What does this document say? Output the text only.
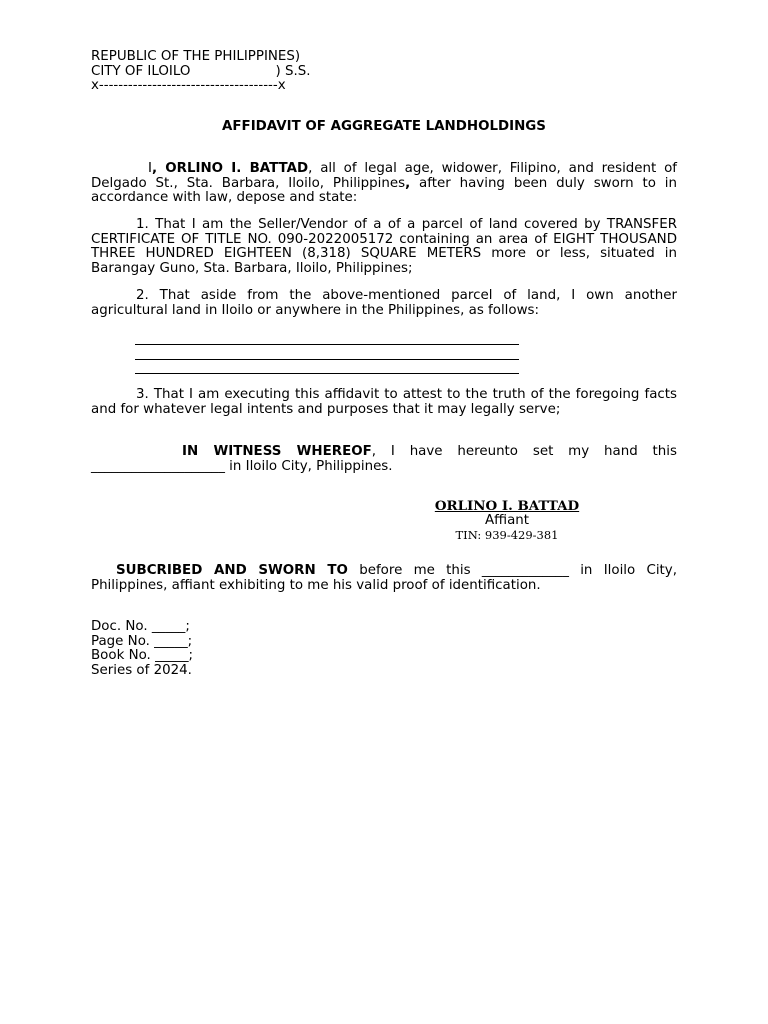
REPUBLIC OF THE PHILIPPINES)
CITY OF ILOILO                    ) S.S.
x-------------------------------------x
AFFIDAVIT OF AGGREGATE LANDHOLDINGS

I, ORLINO I. BATTAD, all of legal age, widower, Filipino, and resident of Delgado St., Sta. Barbara, Iloilo, Philippines, after having been duly sworn to in accordance with law, depose and state:

1. That I am the Seller/Vendor of a of a parcel of land covered by TRANSFER CERTIFICATE OF TITLE NO. 090-2022005172 containing an area of EIGHT THOUSAND THREE HUNDRED EIGHTEEN (8,318) SQUARE METERS more or less, situated in Barangay Guno, Sta. Barbara, Iloilo, Philippines;

2. That aside from the above-mentioned parcel of land, I own another agricultural land in Iloilo or anywhere in the Philippines, as follows:

3. That I am executing this affidavit to attest to the truth of the foregoing facts and for whatever legal intents and purposes that it may legally serve;

IN WITNESS WHEREOF, I have hereunto set my hand this ____________________ in Iloilo City, Philippines.

ORLINO I. BATTAD
Affiant
TIN: 939-429-381

SUBCRIBED AND SWORN TO before me this _____________ in Iloilo City, Philippines, affiant exhibiting to me his valid proof of identification.

Doc. No. _____;
Page No. _____;
Book No. _____;
Series of 2024.
